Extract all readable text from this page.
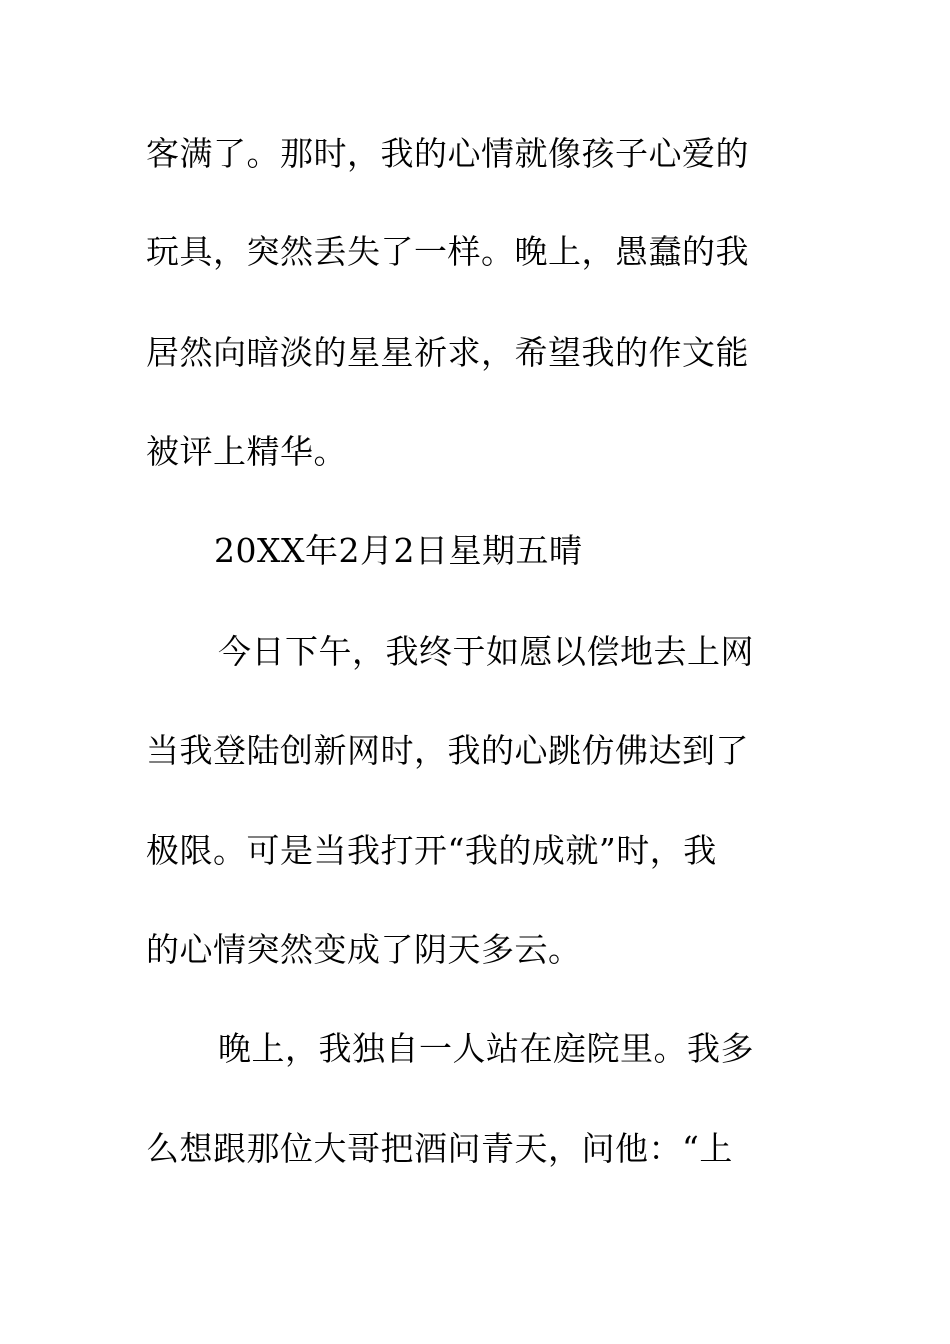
客满了。那时，我的心情就像孩子心爱的
玩具，突然丢失了一样。晚上，愚蠢的我
居然向暗淡的星星祈求，希望我的作文能
被评上精华。
20XX年2月2日星期五晴
今日下午，我终于如愿以偿地去上网
当我登陆创新网时，我的心跳仿佛达到了
极限。可是当我打开“我的成就”时，我
的心情突然变成了阴天多云。
晚上，我独自一人站在庭院里。我多
么想跟那位大哥把酒问青天，问他：“上
